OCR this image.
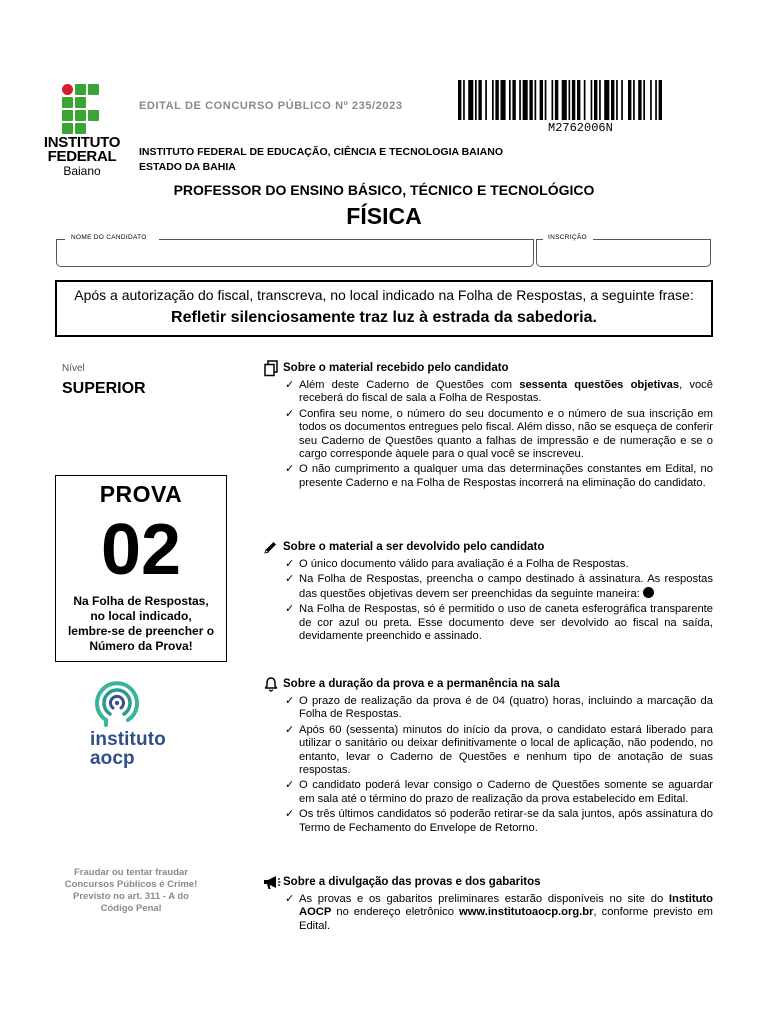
INSTITUTO
FEDERAL
Baiano
EDITAL DE CONCURSO PÚBLICO Nº 235/2023
M2762006N
INSTITUTO FEDERAL DE EDUCAÇÃO, CIÊNCIA E TECNOLOGIA BAIANO
ESTADO DA BAHIA
PROFESSOR DO ENSINO BÁSICO, TÉCNICO E TECNOLÓGICO
FÍSICA
NOME DO CANDIDATO	INSCRIÇÃO
Após a autorização do fiscal, transcreva, no local indicado na Folha de Respostas, a seguinte frase:
Refletir silenciosamente traz luz à estrada da sabedoria.
Nível
SUPERIOR
PROVA
02
Na Folha de Respostas,
no local indicado,
lembre-se de preencher o
Número da Prova!
instituto
aocp
Fraudar ou tentar fraudar
Concursos Públicos é Crime!
Previsto no art. 311 - A do
Código Penal
Sobre o material recebido pelo candidato
✓ Além deste Caderno de Questões com sessenta questões objetivas, você receberá do fiscal de sala a Folha de Respostas.
✓ Confira seu nome, o número do seu documento e o número de sua inscrição em todos os documentos entregues pelo fiscal. Além disso, não se esqueça de conferir seu Caderno de Questões quanto a falhas de impressão e de numeração e se o cargo corresponde àquele para o qual você se inscreveu.
✓ O não cumprimento a qualquer uma das determinações constantes em Edital, no presente Caderno e na Folha de Respostas incorrerá na eliminação do candidato.
Sobre o material a ser devolvido pelo candidato
✓ O único documento válido para avaliação é a Folha de Respostas.
✓ Na Folha de Respostas, preencha o campo destinado à assinatura. As respostas das questões objetivas devem ser preenchidas da seguinte maneira:
✓ Na Folha de Respostas, só é permitido o uso de caneta esferográfica transparente de cor azul ou preta. Esse documento deve ser devolvido ao fiscal na saída, devidamente preenchido e assinado.
Sobre a duração da prova e a permanência na sala
✓ O prazo de realização da prova é de 04 (quatro) horas, incluindo a marcação da Folha de Respostas.
✓ Após 60 (sessenta) minutos do início da prova, o candidato estará liberado para utilizar o sanitário ou deixar definitivamente o local de aplicação, não podendo, no entanto, levar o Caderno de Questões e nenhum tipo de anotação de suas respostas.
✓ O candidato poderá levar consigo o Caderno de Questões somente se aguardar em sala até o término do prazo de realização da prova estabelecido em Edital.
✓ Os três últimos candidatos só poderão retirar-se da sala juntos, após assinatura do Termo de Fechamento do Envelope de Retorno.
Sobre a divulgação das provas e dos gabaritos
✓ As provas e os gabaritos preliminares estarão disponíveis no site do Instituto AOCP no endereço eletrônico www.institutoaocp.org.br, conforme previsto em Edital.
